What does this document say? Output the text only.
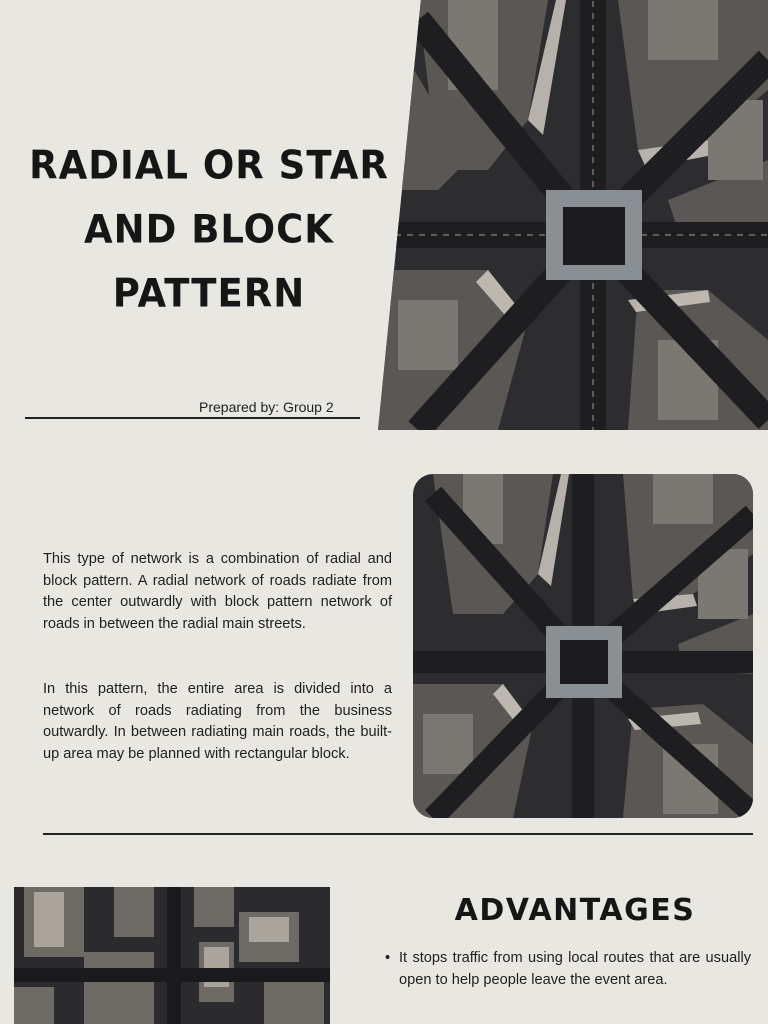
RADIAL OR STAR
AND BLOCK
PATTERN
Prepared by: Group 2
This type of network is a combination of radial and block pattern. A radial network of roads radiate from the center outwardly with block pattern network of roads in between the radial main streets.
In this pattern, the entire area is divided into a network of roads radiating from the business outwardly. In between radiating main roads, the built-up area may be planned with rectangular block.
ADVANTAGES
• It stops traffic from using local routes that are usually open to help people leave the event area.
